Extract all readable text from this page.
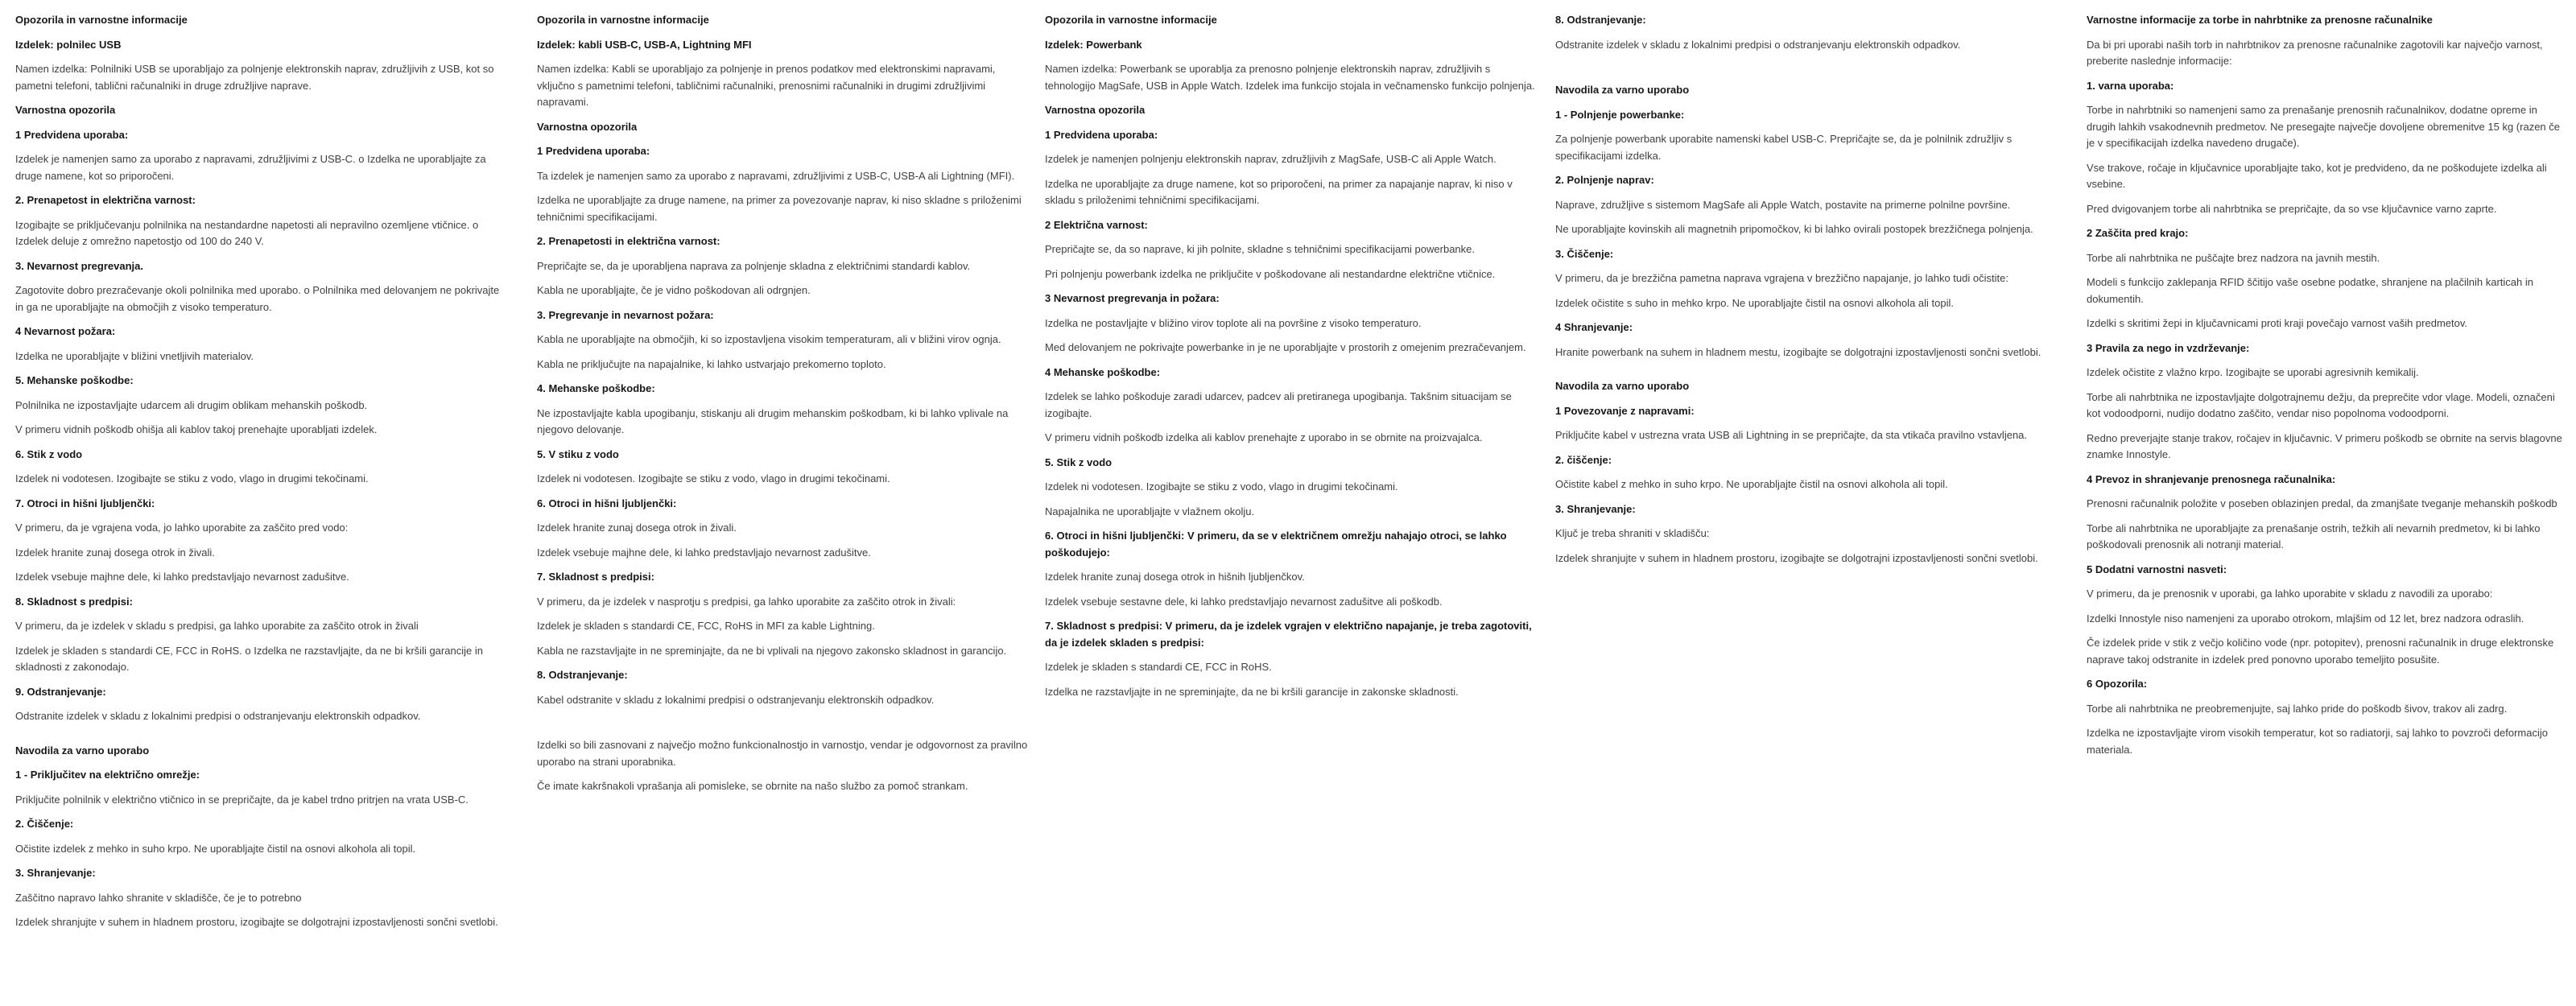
Opozorila in varnostne informacije
Izdelek: polnilec USB
Namen izdelka: Polnilniki USB se uporabljajo za polnjenje elektronskih naprav, združljivih z USB, kot so pametni telefoni, tablični računalniki in druge združljive naprave.
Varnostna opozorila
1 Predvidena uporaba:
Izdelek je namenjen samo za uporabo z napravami, združljivimi z USB-C. o Izdelka ne uporabljajte za druge namene, kot so priporočeni.
2. Prenapetost in električna varnost:
Izogibajte se priključevanju polnilnika na nestandardne napetosti ali nepravilno ozemljene vtičnice. o Izdelek deluje z omrežno napetostjo od 100 do 240 V.
3. Nevarnost pregrevanja.
Zagotovite dobro prezračevanje okoli polnilnika med uporabo. o Polnilnika med delovanjem ne pokrivajte in ga ne uporabljajte na območjih z visoko temperaturo.
4 Nevarnost požara:
Izdelka ne uporabljajte v bližini vnetljivih materialov.
5. Mehanske poškodbe:
Polnilnika ne izpostavljajte udarcem ali drugim oblikam mehanskih poškodb.
V primeru vidnih poškodb ohišja ali kablov takoj prenehajte uporabljati izdelek.
6. Stik z vodo
Izdelek ni vodotesen. Izogibajte se stiku z vodo, vlago in drugimi tekočinami.
7. Otroci in hišni ljubljenčki:
V primeru, da je vgrajena voda, jo lahko uporabite za zaščito pred vodo:
Izdelek hranite zunaj dosega otrok in živali.
Izdelek vsebuje majhne dele, ki lahko predstavljajo nevarnost zadušitve.
8. Skladnost s predpisi:
V primeru, da je izdelek v skladu s predpisi, ga lahko uporabite za zaščito otrok in živali
Izdelek je skladen s standardi CE, FCC in RoHS. o Izdelka ne razstavljajte, da ne bi kršili garancije in skladnosti z zakonodajo.
9. Odstranjevanje:
Odstranite izdelek v skladu z lokalnimi predpisi o odstranjevanju elektronskih odpadkov.
Navodila za varno uporabo
1 - Priključitev na električno omrežje:
Priključite polnilnik v električno vtičnico in se prepričajte, da je kabel trdno pritrjen na vrata USB-C.
2. Čiščenje:
Očistite izdelek z mehko in suho krpo. Ne uporabljajte čistil na osnovi alkohola ali topil.
3. Shranjevanje:
Zaščitno napravo lahko shranite v skladišče, če je to potrebno
Izdelek shranjujte v suhem in hladnem prostoru, izogibajte se dolgotrajni izpostavljenosti sončni svetlobi.
Opozorila in varnostne informacije
Izdelek: kabli USB-C, USB-A, Lightning MFI
Namen izdelka: Kabli se uporabljajo za polnjenje in prenos podatkov med elektronskimi napravami, vključno s pametnimi telefoni, tabličnimi računalniki, prenosnimi računalniki in drugimi združljivimi napravami.
Varnostna opozorila
1 Predvidena uporaba:
Ta izdelek je namenjen samo za uporabo z napravami, združljivimi z USB-C, USB-A ali Lightning (MFI).
Izdelka ne uporabljajte za druge namene, na primer za povezovanje naprav, ki niso skladne s priloženimi tehničnimi specifikacijami.
2. Prenapetosti in električna varnost:
Prepričajte se, da je uporabljena naprava za polnjenje skladna z električnimi standardi kablov.
Kabla ne uporabljajte, če je vidno poškodovan ali odrgnjen.
3. Pregrevanje in nevarnost požara:
Kabla ne uporabljajte na območjih, ki so izpostavljena visokim temperaturam, ali v bližini virov ognja.
Kabla ne priključujte na napajalnike, ki lahko ustvarjajo prekomerno toploto.
4. Mehanske poškodbe:
Ne izpostavljajte kabla upogibanju, stiskanju ali drugim mehanskim poškodbam, ki bi lahko vplivale na njegovo delovanje.
5. V stiku z vodo
Izdelek ni vodotesen. Izogibajte se stiku z vodo, vlago in drugimi tekočinami.
6. Otroci in hišni ljubljenčki:
Izdelek hranite zunaj dosega otrok in živali.
Izdelek vsebuje majhne dele, ki lahko predstavljajo nevarnost zadušitve.
7. Skladnost s predpisi:
V primeru, da je izdelek v nasprotju s predpisi, ga lahko uporabite za zaščito otrok in živali:
Izdelek je skladen s standardi CE, FCC, RoHS in MFI za kable Lightning.
Kabla ne razstavljajte in ne spreminjajte, da ne bi vplivali na njegovo zakonsko skladnost in garancijo.
8. Odstranjevanje:
Kabel odstranite v skladu z lokalnimi predpisi o odstranjevanju elektronskih odpadkov.
Izdelki so bili zasnovani z največjo možno funkcionalnostjo in varnostjo, vendar je odgovornost za pravilno uporabo na strani uporabnika.
Če imate kakršnakoli vprašanja ali pomisleke, se obrnite na našo službo za pomoč strankam.
Opozorila in varnostne informacije
Izdelek: Powerbank
Namen izdelka: Powerbank se uporablja za prenosno polnjenje elektronskih naprav, združljivih s tehnologijo MagSafe, USB in Apple Watch. Izdelek ima funkcijo stojala in večnamensko funkcijo polnjenja.
Varnostna opozorila
1 Predvidena uporaba:
Izdelek je namenjen polnjenju elektronskih naprav, združljivih z MagSafe, USB-C ali Apple Watch.
Izdelka ne uporabljajte za druge namene, kot so priporočeni, na primer za napajanje naprav, ki niso v skladu s priloženimi tehničnimi specifikacijami.
2 Električna varnost:
Prepričajte se, da so naprave, ki jih polnite, skladne s tehničnimi specifikacijami powerbanke.
Pri polnjenju powerbank izdelka ne priključite v poškodovane ali nestandardne električne vtičnice.
3 Nevarnost pregrevanja in požara:
Izdelka ne postavljajte v bližino virov toplote ali na površine z visoko temperaturo.
Med delovanjem ne pokrivajte powerbanke in je ne uporabljajte v prostorih z omejenim prezračevanjem.
4 Mehanske poškodbe:
Izdelek se lahko poškoduje zaradi udarcev, padcev ali pretiranega upogibanja. Takšnim situacijam se izogibajte.
V primeru vidnih poškodb izdelka ali kablov prenehajte z uporabo in se obrnite na proizvajalca.
5. Stik z vodo
Izdelek ni vodotesen. Izogibajte se stiku z vodo, vlago in drugimi tekočinami.
Napajalnika ne uporabljajte v vlažnem okolju.
6. Otroci in hišni ljubljenčki: V primeru, da se v električnem omrežju nahajajo otroci, se lahko poškodujejo:
Izdelek hranite zunaj dosega otrok in hišnih ljubljenčkov.
Izdelek vsebuje sestavne dele, ki lahko predstavljajo nevarnost zadušitve ali poškodb.
7. Skladnost s predpisi: V primeru, da je izdelek vgrajen v električno napajanje, je treba zagotoviti, da je izdelek skladen s predpisi:
Izdelek je skladen s standardi CE, FCC in RoHS.
Izdelka ne razstavljajte in ne spreminjajte, da ne bi kršili garancije in zakonske skladnosti.
8. Odstranjevanje:
Odstranite izdelek v skladu z lokalnimi predpisi o odstranjevanju elektronskih odpadkov.
Navodila za varno uporabo
1 - Polnjenje powerbanke:
Za polnjenje powerbank uporabite namenski kabel USB-C. Prepričajte se, da je polnilnik združljiv s specifikacijami izdelka.
2. Polnjenje naprav:
Naprave, združljive s sistemom MagSafe ali Apple Watch, postavite na primerne polnilne površine.
Ne uporabljajte kovinskih ali magnetnih pripomočkov, ki bi lahko ovirali postopek brezžičnega polnjenja.
3. Čiščenje:
V primeru, da je brezžična pametna naprava vgrajena v brezžično napajanje, jo lahko tudi očistite:
Izdelek očistite s suho in mehko krpo. Ne uporabljajte čistil na osnovi alkohola ali topil.
4 Shranjevanje:
Hranite powerbank na suhem in hladnem mestu, izogibajte se dolgotrajni izpostavljenosti sončni svetlobi.
Navodila za varno uporabo
1 Povezovanje z napravami:
Priključite kabel v ustrezna vrata USB ali Lightning in se prepričajte, da sta vtikača pravilno vstavljena.
2. čiščenje:
Očistite kabel z mehko in suho krpo. Ne uporabljajte čistil na osnovi alkohola ali topil.
3. Shranjevanje:
Ključ je treba shraniti v skladišču:
Izdelek shranjujte v suhem in hladnem prostoru, izogibajte se dolgotrajni izpostavljenosti sončni svetlobi.
Varnostne informacije za torbe in nahrbtnike za prenosne računalnike
Da bi pri uporabi naših torb in nahrbtnikov za prenosne računalnike zagotovili kar največjo varnost, preberite naslednje informacije:
1. varna uporaba:
Torbe in nahrbtniki so namenjeni samo za prenašanje prenosnih računalnikov, dodatne opreme in drugih lahkih vsakodnevnih predmetov. Ne presegajte največje dovoljene obremenitve 15 kg (razen če je v specifikacijah izdelka navedeno drugače).
Vse trakove, ročaje in ključavnice uporabljajte tako, kot je predvideno, da ne poškodujete izdelka ali vsebine.
Pred dvigovanjem torbe ali nahrbtnika se prepričajte, da so vse ključavnice varno zaprte.
2 Zaščita pred krajo:
Torbe ali nahrbtnika ne puščajte brez nadzora na javnih mestih.
Modeli s funkcijo zaklepanja RFID ščitijo vaše osebne podatke, shranjene na plačilnih karticah in dokumentih.
Izdelki s skritimi žepi in ključavnicami proti kraji povečajo varnost vaših predmetov.
3 Pravila za nego in vzdrževanje:
Izdelek očistite z vlažno krpo. Izogibajte se uporabi agresivnih kemikalij.
Torbe ali nahrbtnika ne izpostavljajte dolgotrajnemu dežju, da preprečite vdor vlage. Modeli, označeni kot vodoodporni, nudijo dodatno zaščito, vendar niso popolnoma vodoodporni.
Redno preverjajte stanje trakov, ročajev in ključavnic. V primeru poškodb se obrnite na servis blagovne znamke Innostyle.
4 Prevoz in shranjevanje prenosnega računalnika:
Prenosni računalnik položite v poseben oblazinjen predal, da zmanjšate tveganje mehanskih poškodb
Torbe ali nahrbtnika ne uporabljajte za prenašanje ostrih, težkih ali nevarnih predmetov, ki bi lahko poškodovali prenosnik ali notranji material.
5 Dodatni varnostni nasveti:
V primeru, da je prenosnik v uporabi, ga lahko uporabite v skladu z navodili za uporabo:
Izdelki Innostyle niso namenjeni za uporabo otrokom, mlajšim od 12 let, brez nadzora odraslih.
Če izdelek pride v stik z večjo količino vode (npr. potopitev), prenosni računalnik in druge elektronske naprave takoj odstranite in izdelek pred ponovno uporabo temeljito posušite.
6 Opozorila:
Torbe ali nahrbtnika ne preobremenjujte, saj lahko pride do poškodb šivov, trakov ali zadrg.
Izdelka ne izpostavljajte virom visokih temperatur, kot so radiatorji, saj lahko to povzroči deformacijo materiala.
